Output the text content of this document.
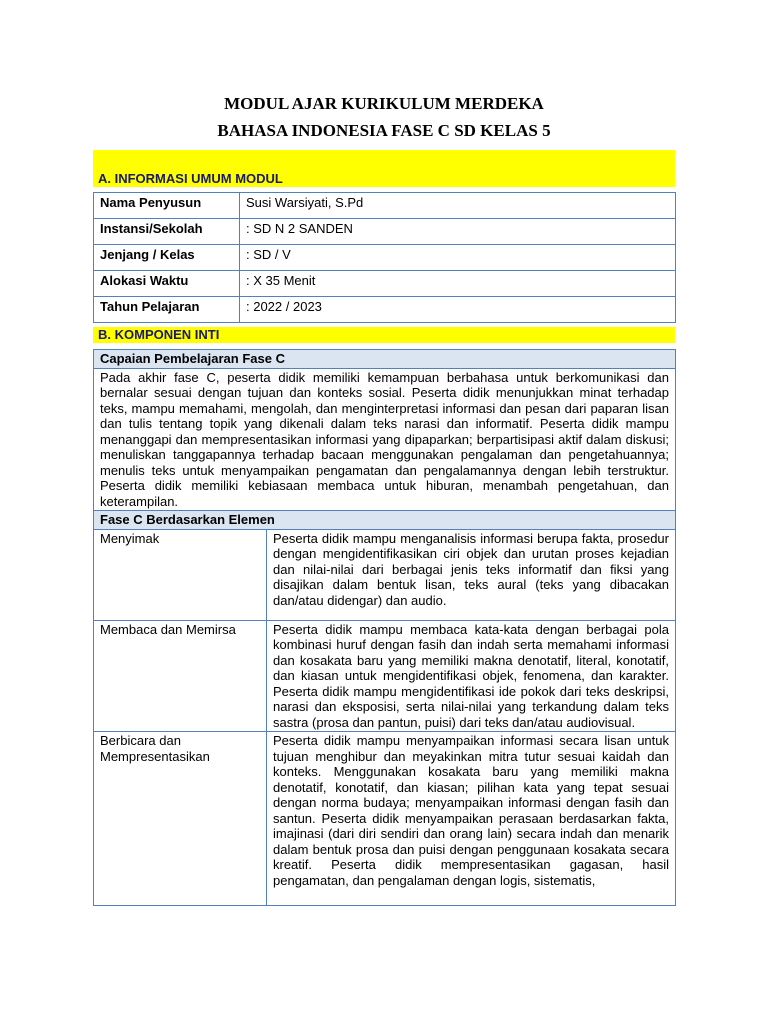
MODUL AJAR KURIKULUM MERDEKA
BAHASA INDONESIA FASE C SD KELAS 5
A. INFORMASI UMUM MODUL
Nama Penyusun	Susi Warsiyati, S.Pd
Instansi/Sekolah	: SD N 2 SANDEN
Jenjang / Kelas	: SD / V
Alokasi Waktu	: X 35 Menit
Tahun Pelajaran	: 2022 / 2023
B. KOMPONEN INTI
Capaian Pembelajaran Fase C	
Pada akhir fase C, peserta didik memiliki kemampuan berbahasa untuk berkomunikasi dan bernalar sesuai dengan tujuan dan konteks sosial. Peserta didik menunjukkan minat terhadap teks, mampu memahami, mengolah, dan menginterpretasi informasi dan pesan dari paparan lisan dan tulis tentang topik yang dikenali dalam teks narasi dan informatif. Peserta didik mampu menanggapi dan mempresentasikan informasi yang dipaparkan; berpartisipasi aktif dalam diskusi; menuliskan tanggapannya terhadap bacaan menggunakan pengalaman dan pengetahuannya; menulis teks untuk menyampaikan pengamatan dan pengalamannya dengan lebih terstruktur. Peserta didik memiliki kebiasaan membaca untuk hiburan, menambah pengetahuan, dan keterampilan.	
Fase C Berdasarkan Elemen	
Menyimak	Peserta didik mampu menganalisis informasi berupa fakta, prosedur dengan mengidentifikasikan ciri objek dan urutan proses kejadian dan nilai-nilai dari berbagai jenis teks informatif dan fiksi yang disajikan dalam bentuk lisan, teks aural (teks yang dibacakan dan/atau didengar) dan audio.
Membaca dan Memirsa	Peserta didik mampu membaca kata-kata dengan berbagai pola kombinasi huruf dengan fasih dan indah serta memahami informasi dan kosakata baru yang memiliki makna denotatif, literal, konotatif, dan kiasan untuk mengidentifikasi objek, fenomena, dan karakter. Peserta didik mampu mengidentifikasi ide pokok dari teks deskripsi, narasi dan eksposisi, serta nilai-nilai yang terkandung dalam teks sastra (prosa dan pantun, puisi) dari teks dan/atau audiovisual.
Berbicara dan Mempresentasikan	Peserta didik mampu menyampaikan informasi secara lisan untuk tujuan menghibur dan meyakinkan mitra tutur sesuai kaidah dan konteks. Menggunakan kosakata baru yang memiliki makna denotatif, konotatif, dan kiasan; pilihan kata yang tepat sesuai dengan norma budaya; menyampaikan informasi dengan fasih dan santun. Peserta didik menyampaikan perasaan berdasarkan fakta, imajinasi (dari diri sendiri dan orang lain) secara indah dan menarik dalam bentuk prosa dan puisi dengan penggunaan kosakata secara kreatif. Peserta didik mempresentasikan gagasan, hasil pengamatan, dan pengalaman dengan logis, sistematis,
